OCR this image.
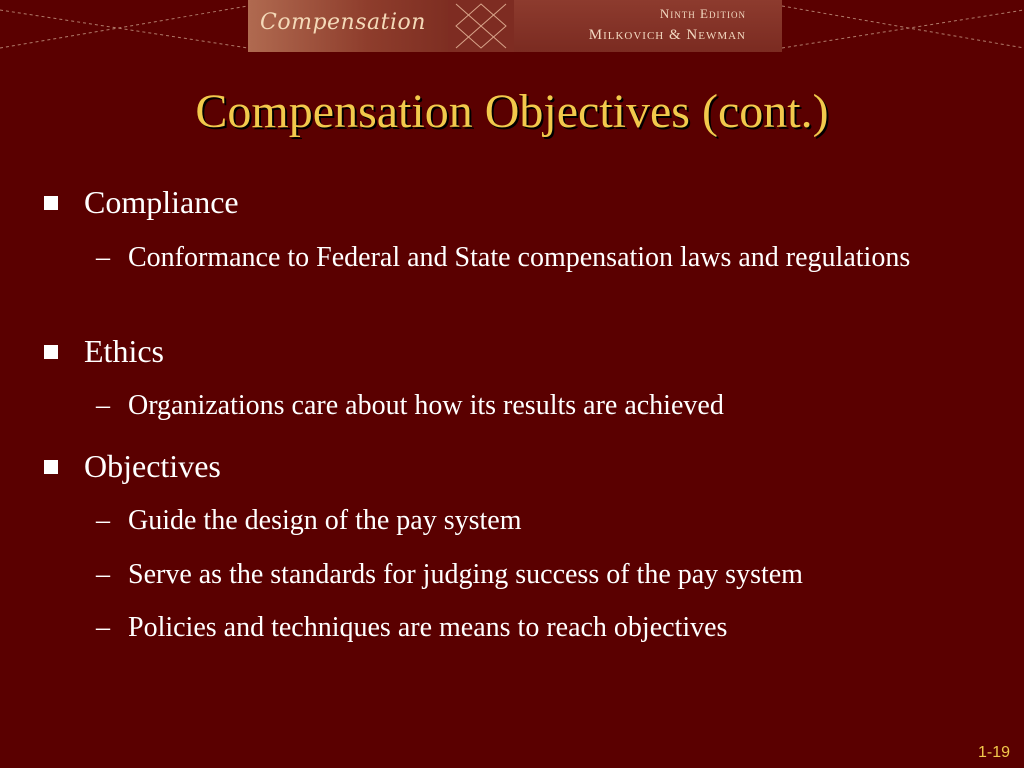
Compensation	Ninth Edition
Milkovich & Newman
Compensation Objectives (cont.)
Compliance
– Conformance to Federal and State compensation laws and regulations
Ethics
– Organizations care about how its results are achieved
Objectives
– Guide the design of the pay system
– Serve as the standards for judging success of the pay system
– Policies and techniques are means to reach objectives
1-19
